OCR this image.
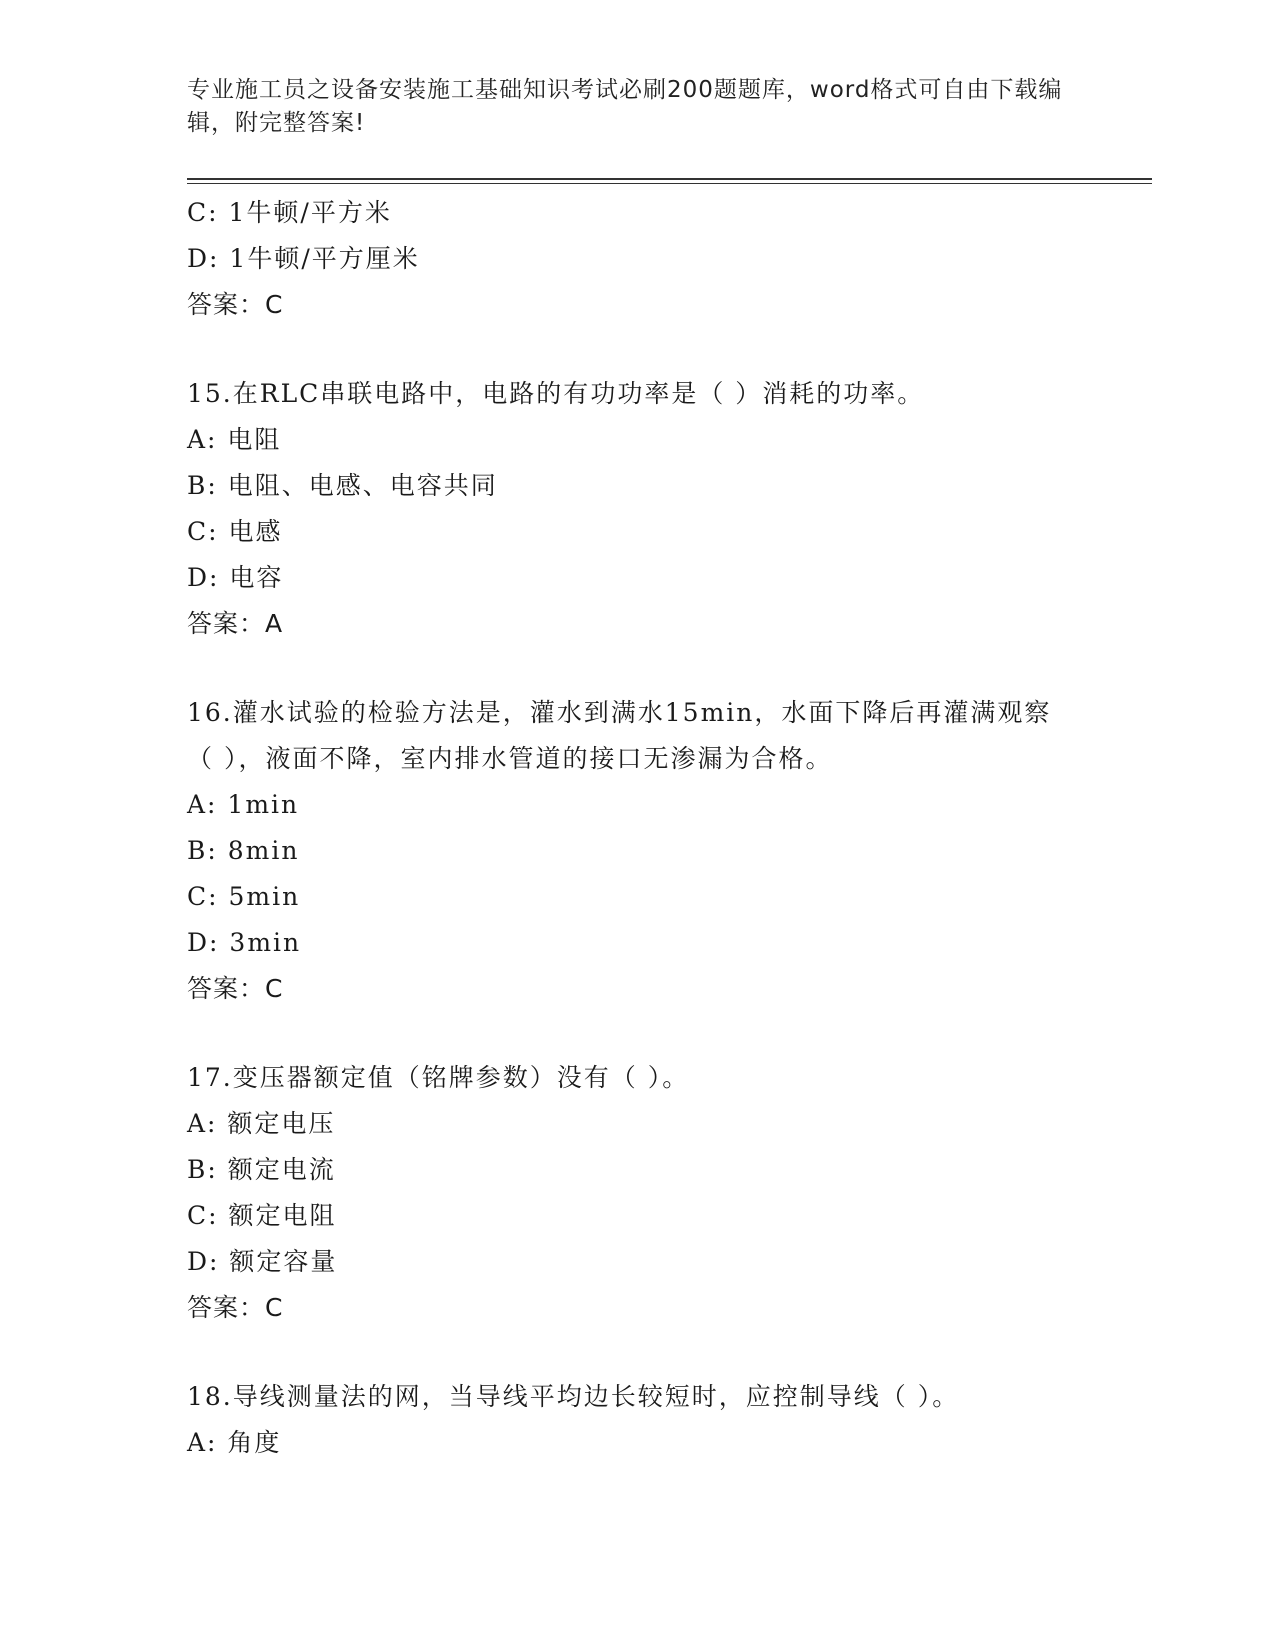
专业施工员之设备安装施工基础知识考试必刷200题题库，word格式可自由下载编辑，附完整答案!
C: 1牛顿/平方米
D: 1牛顿/平方厘米
答案：C
15.在RLC串联电路中，电路的有功功率是（ ）消耗的功率。
A: 电阻
B: 电阻、电感、电容共同
C: 电感
D: 电容
答案：A
16.灌水试验的检验方法是，灌水到满水15min，水面下降后再灌满观察（ ），液面不降，室内排水管道的接口无渗漏为合格。
A: 1min
B: 8min
C: 5min
D: 3min
答案：C
17.变压器额定值（铭牌参数）没有（ ）。
A: 额定电压
B: 额定电流
C: 额定电阻
D: 额定容量
答案：C
18.导线测量法的网，当导线平均边长较短时，应控制导线（ ）。
A: 角度
